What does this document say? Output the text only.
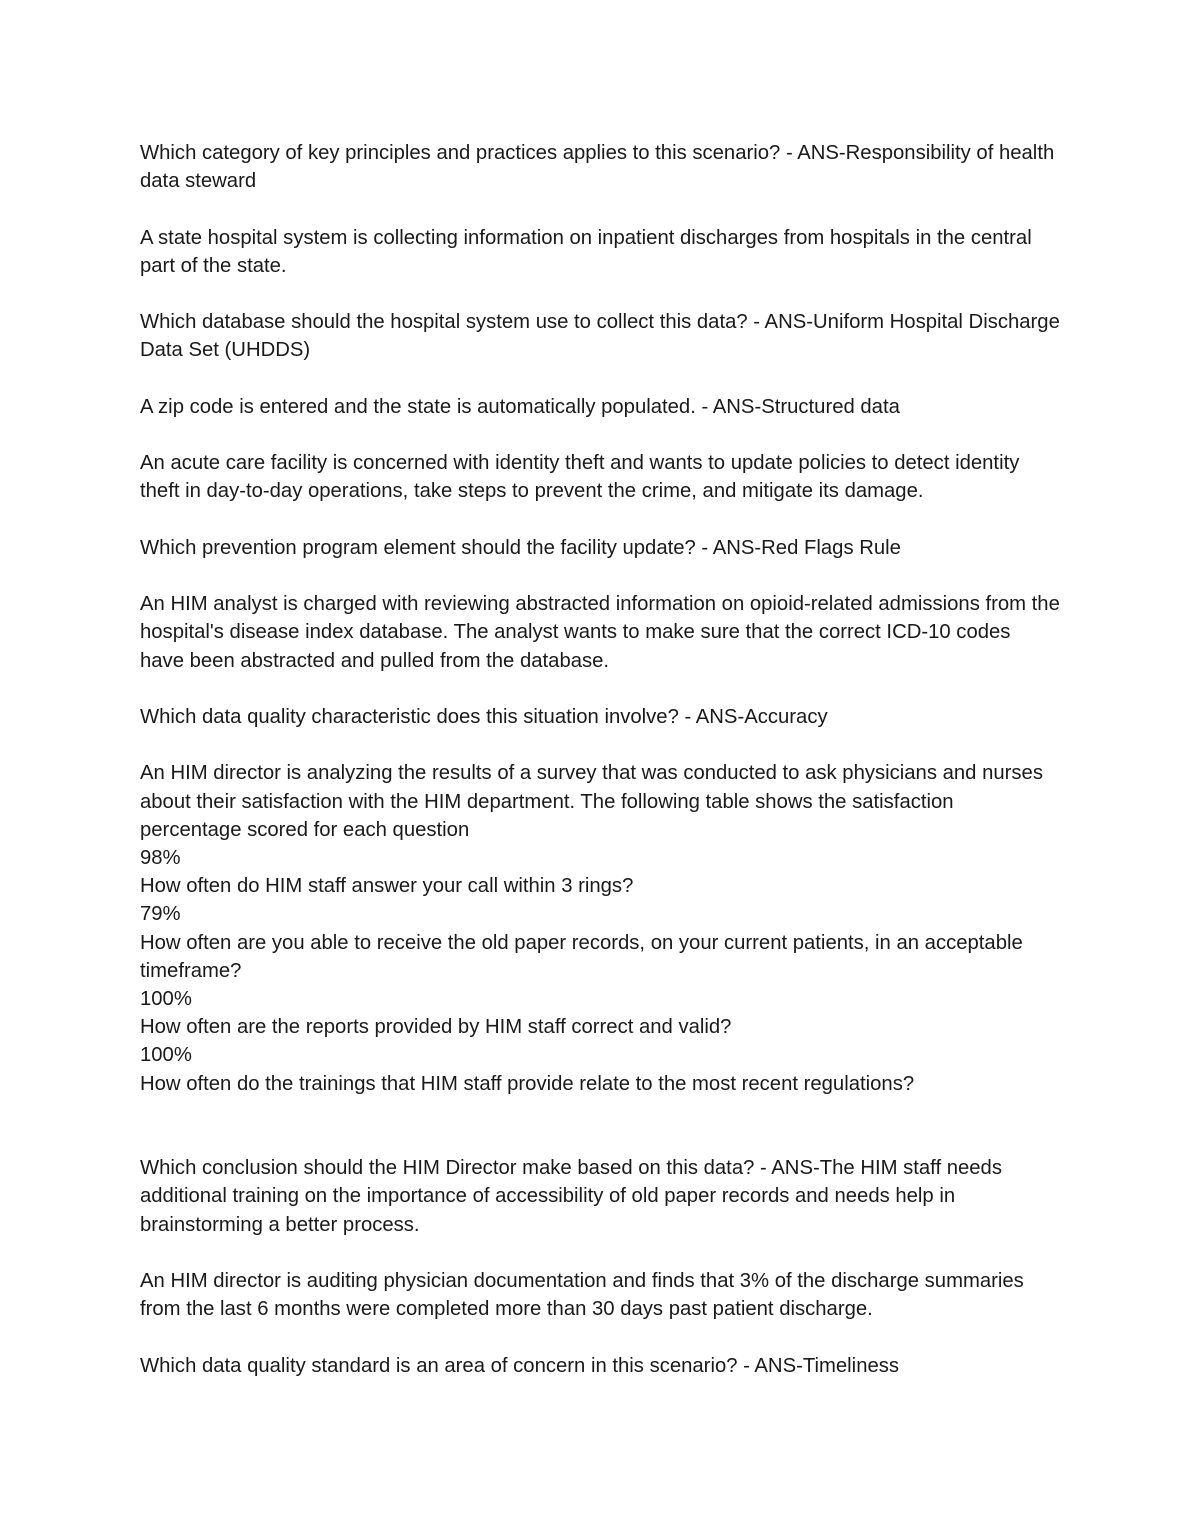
Which category of key principles and practices applies to this scenario? - ANS-Responsibility of health data steward

A state hospital system is collecting information on inpatient discharges from hospitals in the central part of the state.

Which database should the hospital system use to collect this data? - ANS-Uniform Hospital Discharge Data Set (UHDDS)

A zip code is entered and the state is automatically populated. - ANS-Structured data

An acute care facility is concerned with identity theft and wants to update policies to detect identity theft in day-to-day operations, take steps to prevent the crime, and mitigate its damage.

Which prevention program element should the facility update? - ANS-Red Flags Rule

An HIM analyst is charged with reviewing abstracted information on opioid-related admissions from the hospital's disease index database. The analyst wants to make sure that the correct ICD-10 codes have been abstracted and pulled from the database.

Which data quality characteristic does this situation involve? - ANS-Accuracy

An HIM director is analyzing the results of a survey that was conducted to ask physicians and nurses about their satisfaction with the HIM department. The following table shows the satisfaction percentage scored for each question

98%

How often do HIM staff answer your call within 3 rings?

79%

How often are you able to receive the old paper records, on your current patients, in an acceptable timeframe?

100%

How often are the reports provided by HIM staff correct and valid?

100%

How often do the trainings that HIM staff provide relate to the most recent regulations?

Which conclusion should the HIM Director make based on this data? - ANS-The HIM staff needs additional training on the importance of accessibility of old paper records and needs help in brainstorming a better process.

An HIM director is auditing physician documentation and finds that 3% of the discharge summaries from the last 6 months were completed more than 30 days past patient discharge.

Which data quality standard is an area of concern in this scenario? - ANS-Timeliness
